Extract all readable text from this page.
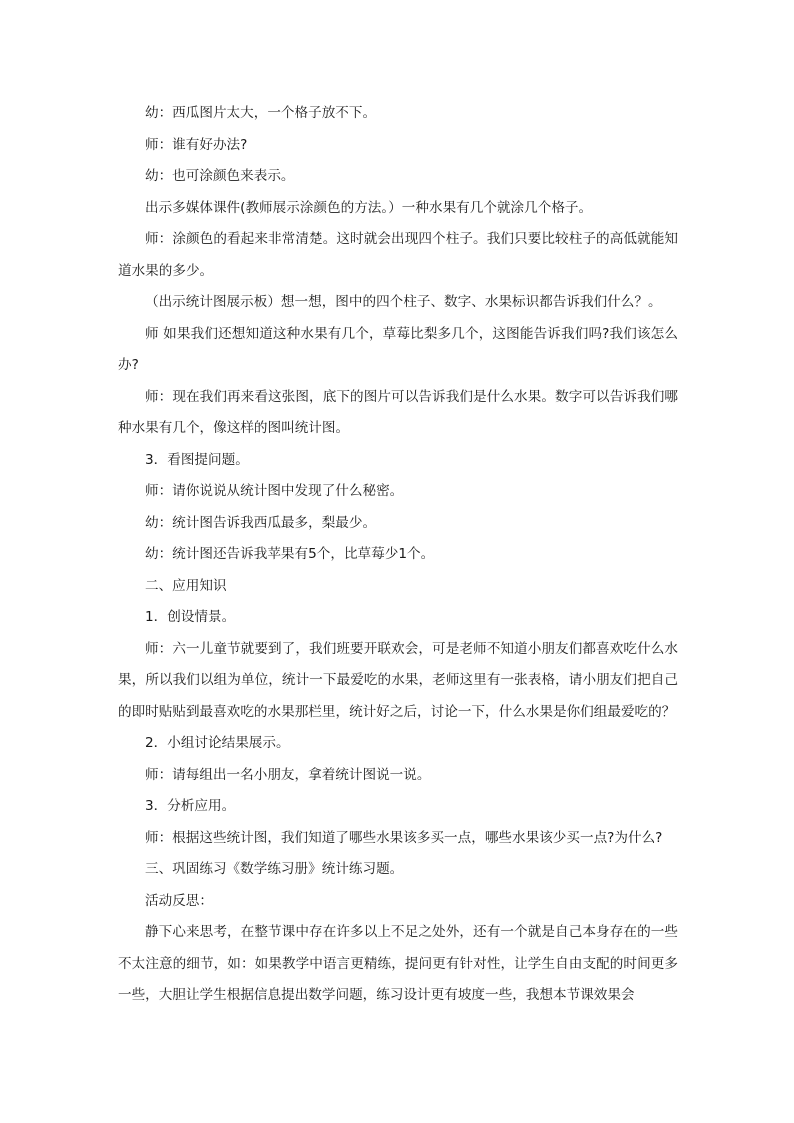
幼：西瓜图片太大，一个格子放不下。

师：谁有好办法?

幼：也可涂颜色来表示。

出示多媒体课件(教师展示涂颜色的方法。）一种水果有几个就涂几个格子。

师：涂颜色的看起来非常清楚。这时就会出现四个柱子。我们只要比较柱子的高低就能知道水果的多少。

（出示统计图展示板）想一想，图中的四个柱子、数字、水果标识都告诉我们什么？。

师 如果我们还想知道这种水果有几个，草莓比梨多几个，这图能告诉我们吗?我们该怎么办?

师：现在我们再来看这张图，底下的图片可以告诉我们是什么水果。数字可以告诉我们哪种水果有几个，像这样的图叫统计图。

3．看图提问题。

师：请你说说从统计图中发现了什么秘密。

幼：统计图告诉我西瓜最多，梨最少。

幼：统计图还告诉我苹果有5个，比草莓少1个。

二、应用知识

1．创设情景。

师：六一儿童节就要到了，我们班要开联欢会，可是老师不知道小朋友们都喜欢吃什么水果，所以我们以组为单位，统计一下最爱吃的水果，老师这里有一张表格，请小朋友们把自己的即时贴贴到最喜欢吃的水果那栏里，统计好之后，讨论一下，什么水果是你们组最爱吃的？

2．小组讨论结果展示。

师：请每组出一名小朋友，拿着统计图说一说。

3．分析应用。

师：根据这些统计图，我们知道了哪些水果该多买一点，哪些水果该少买一点?为什么?

三、巩固练习《数学练习册》统计练习题。

活动反思：

静下心来思考，在整节课中存在许多以上不足之处外，还有一个就是自己本身存在的一些不太注意的细节，如：如果教学中语言更精练，提问更有针对性，让学生自由支配的时间更多一些，大胆让学生根据信息提出数学问题，练习设计更有坡度一些，我想本节课效果会
